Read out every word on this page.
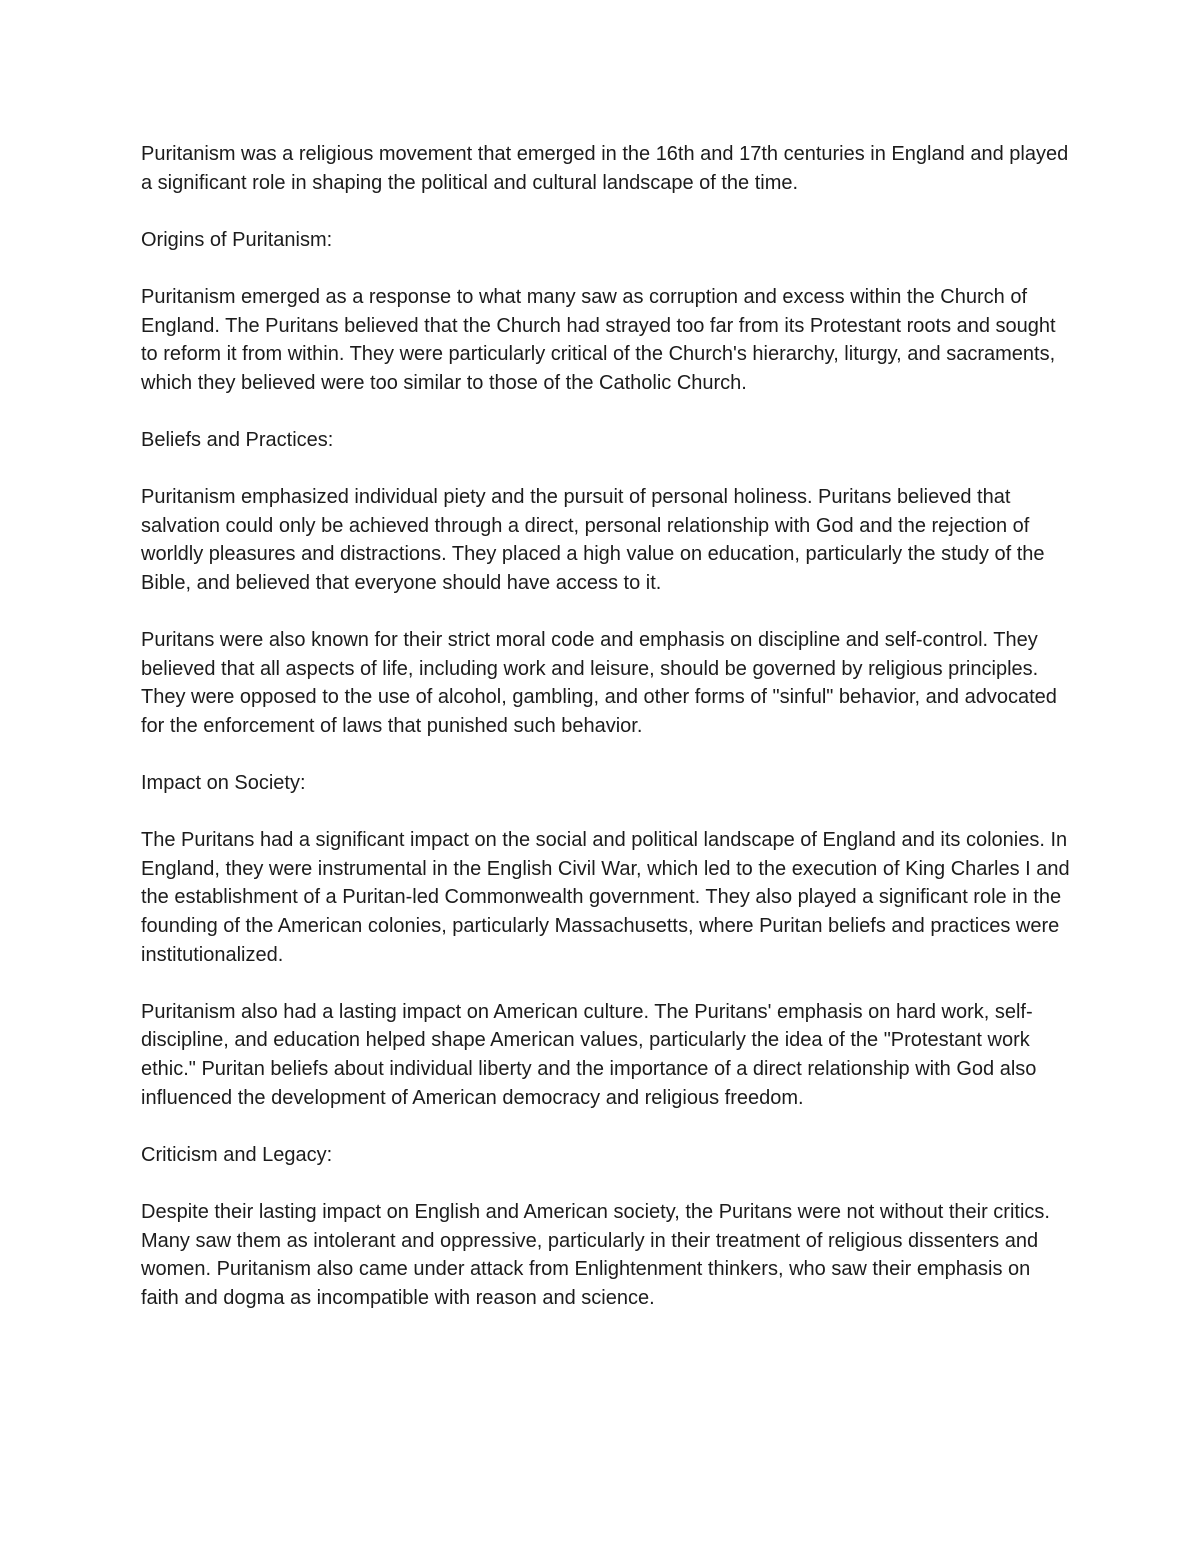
Puritanism was a religious movement that emerged in the 16th and 17th centuries in England and played a significant role in shaping the political and cultural landscape of the time.

Origins of Puritanism:

Puritanism emerged as a response to what many saw as corruption and excess within the Church of England. The Puritans believed that the Church had strayed too far from its Protestant roots and sought to reform it from within. They were particularly critical of the Church's hierarchy, liturgy, and sacraments, which they believed were too similar to those of the Catholic Church.

Beliefs and Practices:

Puritanism emphasized individual piety and the pursuit of personal holiness. Puritans believed that salvation could only be achieved through a direct, personal relationship with God and the rejection of worldly pleasures and distractions. They placed a high value on education, particularly the study of the Bible, and believed that everyone should have access to it.

Puritans were also known for their strict moral code and emphasis on discipline and self-control. They believed that all aspects of life, including work and leisure, should be governed by religious principles. They were opposed to the use of alcohol, gambling, and other forms of "sinful" behavior, and advocated for the enforcement of laws that punished such behavior.

Impact on Society:

The Puritans had a significant impact on the social and political landscape of England and its colonies. In England, they were instrumental in the English Civil War, which led to the execution of King Charles I and the establishment of a Puritan-led Commonwealth government. They also played a significant role in the founding of the American colonies, particularly Massachusetts, where Puritan beliefs and practices were institutionalized.

Puritanism also had a lasting impact on American culture. The Puritans' emphasis on hard work, self-discipline, and education helped shape American values, particularly the idea of the "Protestant work ethic." Puritan beliefs about individual liberty and the importance of a direct relationship with God also influenced the development of American democracy and religious freedom.

Criticism and Legacy:

Despite their lasting impact on English and American society, the Puritans were not without their critics. Many saw them as intolerant and oppressive, particularly in their treatment of religious dissenters and women. Puritanism also came under attack from Enlightenment thinkers, who saw their emphasis on faith and dogma as incompatible with reason and science.
